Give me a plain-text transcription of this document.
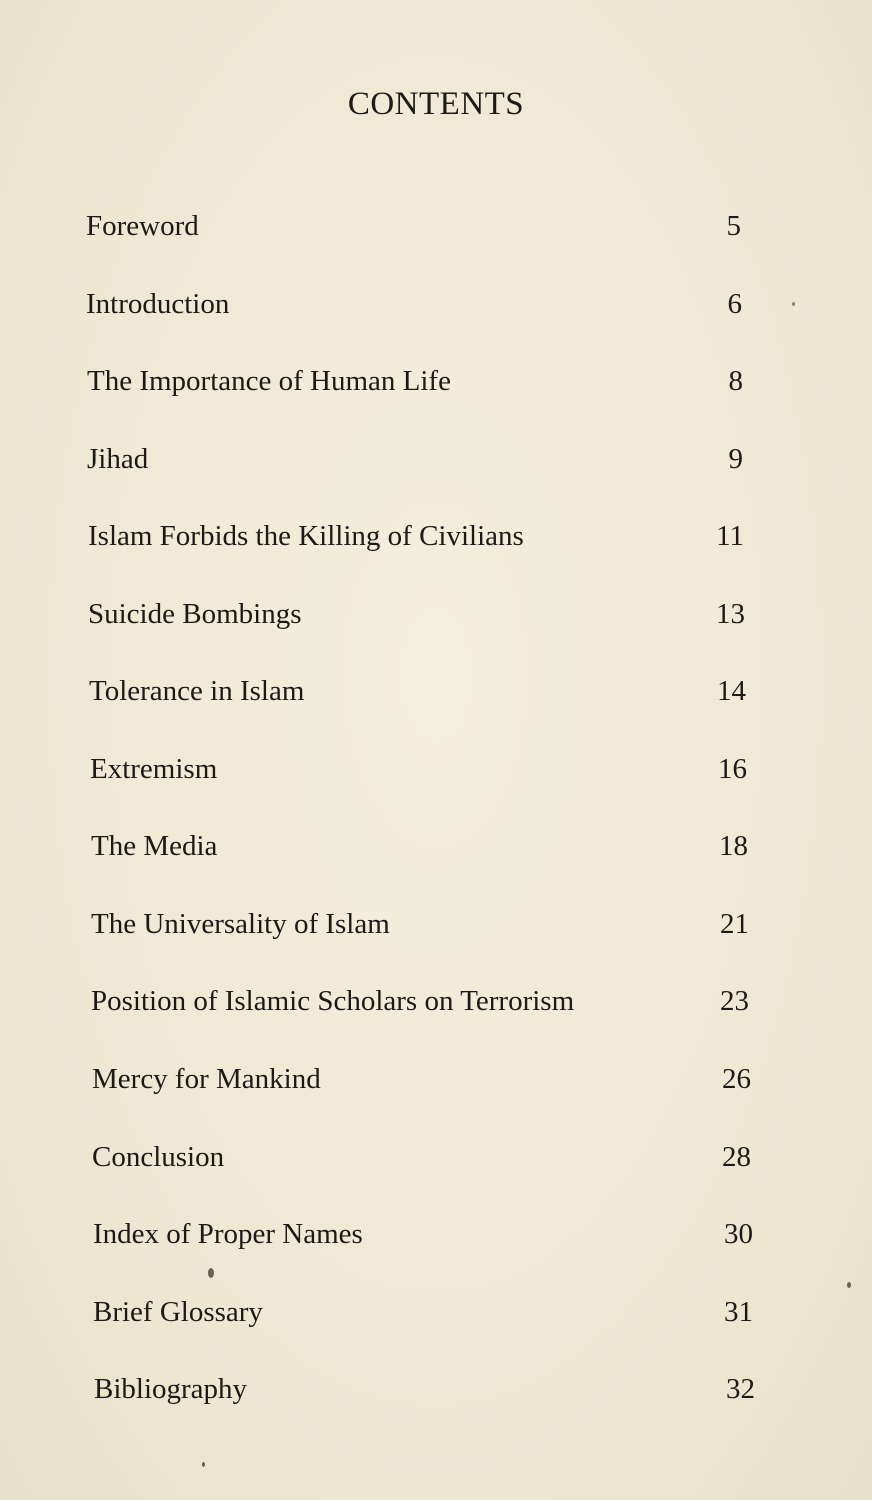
CONTENTS
Foreword	5
Introduction	6
The Importance of Human Life	8
Jihad	9
Islam Forbids the Killing of Civilians	11
Suicide Bombings	13
Tolerance in Islam	14
Extremism	16
The Media	18
The Universality of Islam	21
Position of Islamic Scholars on Terrorism	23
Mercy for Mankind	26
Conclusion	28
Index of Proper Names	30
Brief Glossary	31
Bibliography	32
